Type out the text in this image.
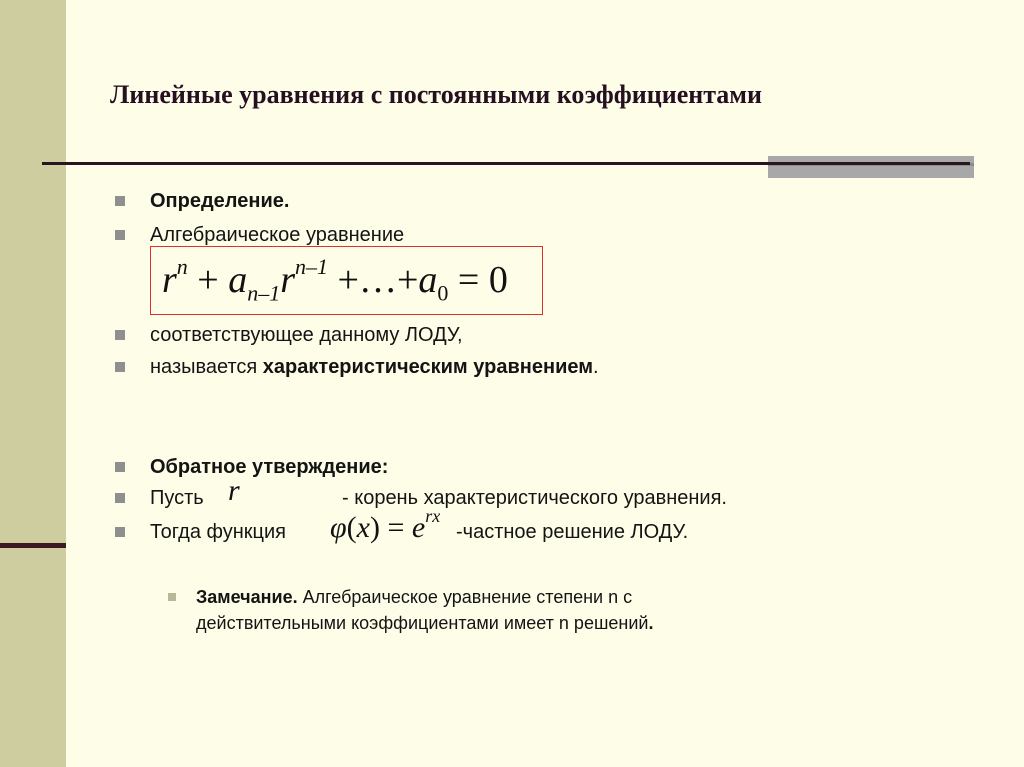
Линейные уравнения с постоянными коэффициентами
Определение.
Алгебраическое уравнение
$r^n + a_{n-1}r^{n-1}$ $+\dots+a_0 = 0$
соответствующее данному ЛОДУ,
называется характеристическим уравнением.
Обратное утверждение:
Пусть	- корень характеристического уравнения.
r
Тогда функция	-частное решение ЛОДУ.
$\varphi(x) = e^{rx}$
Замечание. Алгебраическое уравнение степени n с действительными коэффициентами имеет n решений.
